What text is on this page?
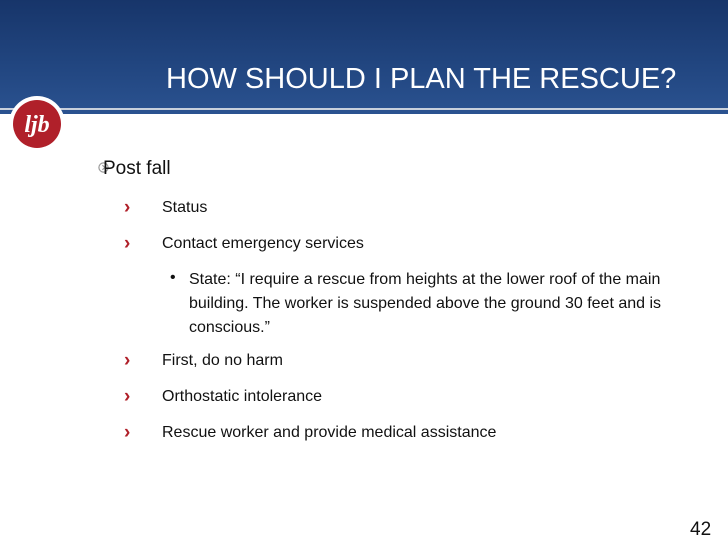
HOW SHOULD I PLAN THE RESCUE?
ljb
Post fall
› Status
› Contact emergency services
• State: “I require a rescue from heights at the lower roof of the main building. The worker is suspended above the ground 30 feet and is conscious.”
› First, do no harm
› Orthostatic intolerance
› Rescue worker and provide medical assistance
42
